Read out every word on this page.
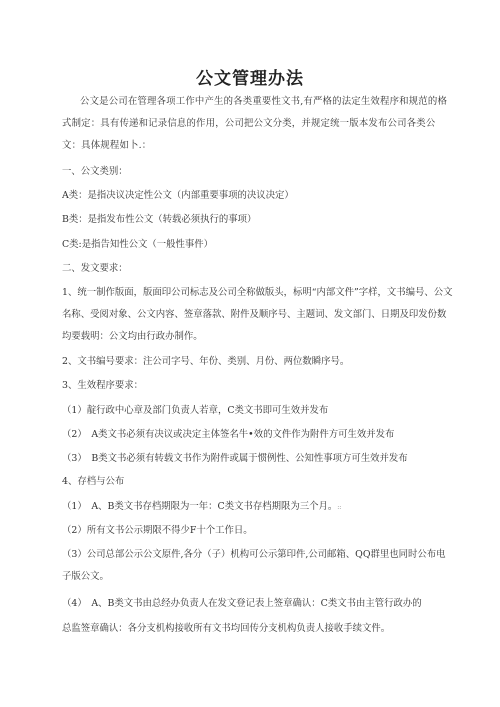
公文管理办法
公文是公司在管理各项工作中产生的各类重要性文书,有严格的法定生效程序和规范的格式制定：具有传递和记录信息的作用，公司把公文分类，并规定统一版本发布公司各类公文：具体规程如卜.：
一、公文类别：
A类：是指决议决定性公文（内部重要事项的决议决定）
B类：是指发布性公文（转载必须执行的事项）
C类:是指告知性公文（一般性事件）
二、发文要求：
1、统一制作版面，版面印公司标志及公司全称做版头，标明“内部文件”字样，文书编号、公文名称、受阅对象、公文内容、签章落款、附件及顺序号、主题词、发文部门、日期及印发份数均要载明：公文均由行政办制作。
2、文书编号要求：注公司字号、年份、类别、月份、两位数瞬序号。
3、生效程序要求：
（1）靛行政中心章及部门负责人若章，C类文书即可生效并发布
（2）　A类文书必须有决议或决定主体签名牛•效的文件作为附件方可生效并发布
（3）　B类文书必须有转载文书作为附件或属于惯例性、公知性事项方可生效并发布
4、存档与公布
（1）　A、B类文书存档期限为一年：C类文书存档期限为三个月。::
（2）所有文书公示期限不得少F十个工作日。
（3）公司总部公示公文原件,各分（子）机构可公示第印件,公司邮箱、QQ群里也同时公布电子版公文。
（4）　A、B类文书由总经办负责人在发文登记表上签章确认：C类文书由主管行政办的
总监签章确认：各分支机构接收所有文书均回传分支机构负责人接收手续文件。
